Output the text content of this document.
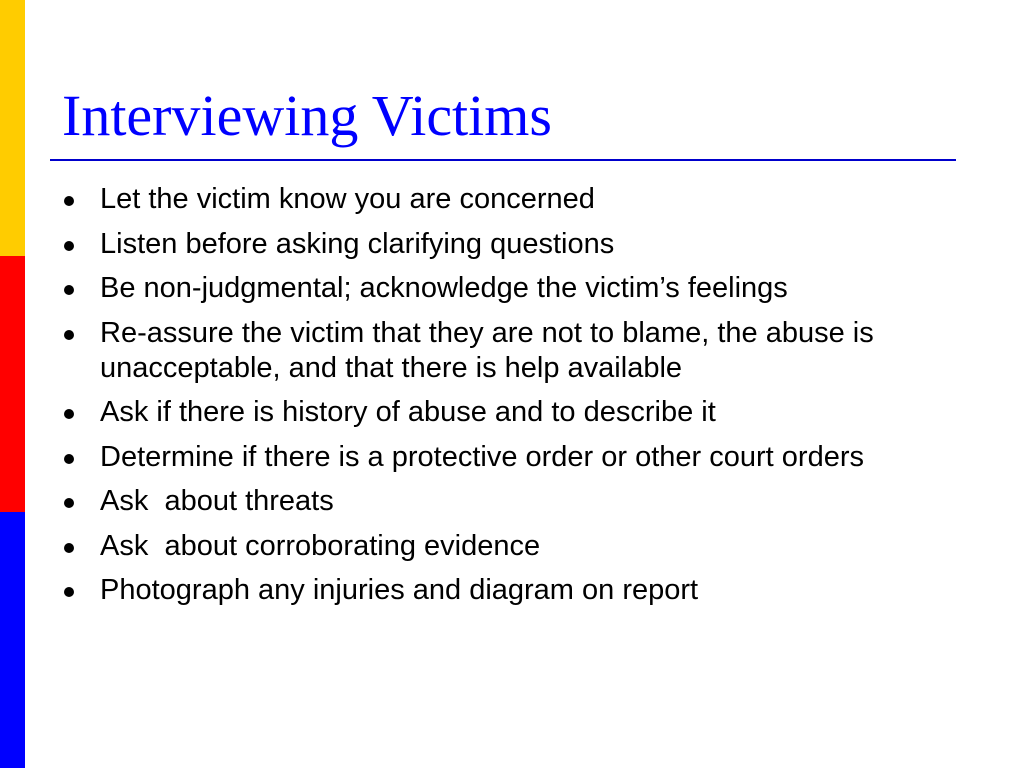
Interviewing Victims
Let the victim know you are concerned
Listen before asking clarifying questions
Be non-judgmental; acknowledge the victim’s feelings
Re-assure the victim that they are not to blame, the abuse is unacceptable, and that there is help available
Ask if there is history of abuse and to describe it
Determine if there is a protective order or other court orders
Ask  about threats
Ask  about corroborating evidence
Photograph any injuries and diagram on report
